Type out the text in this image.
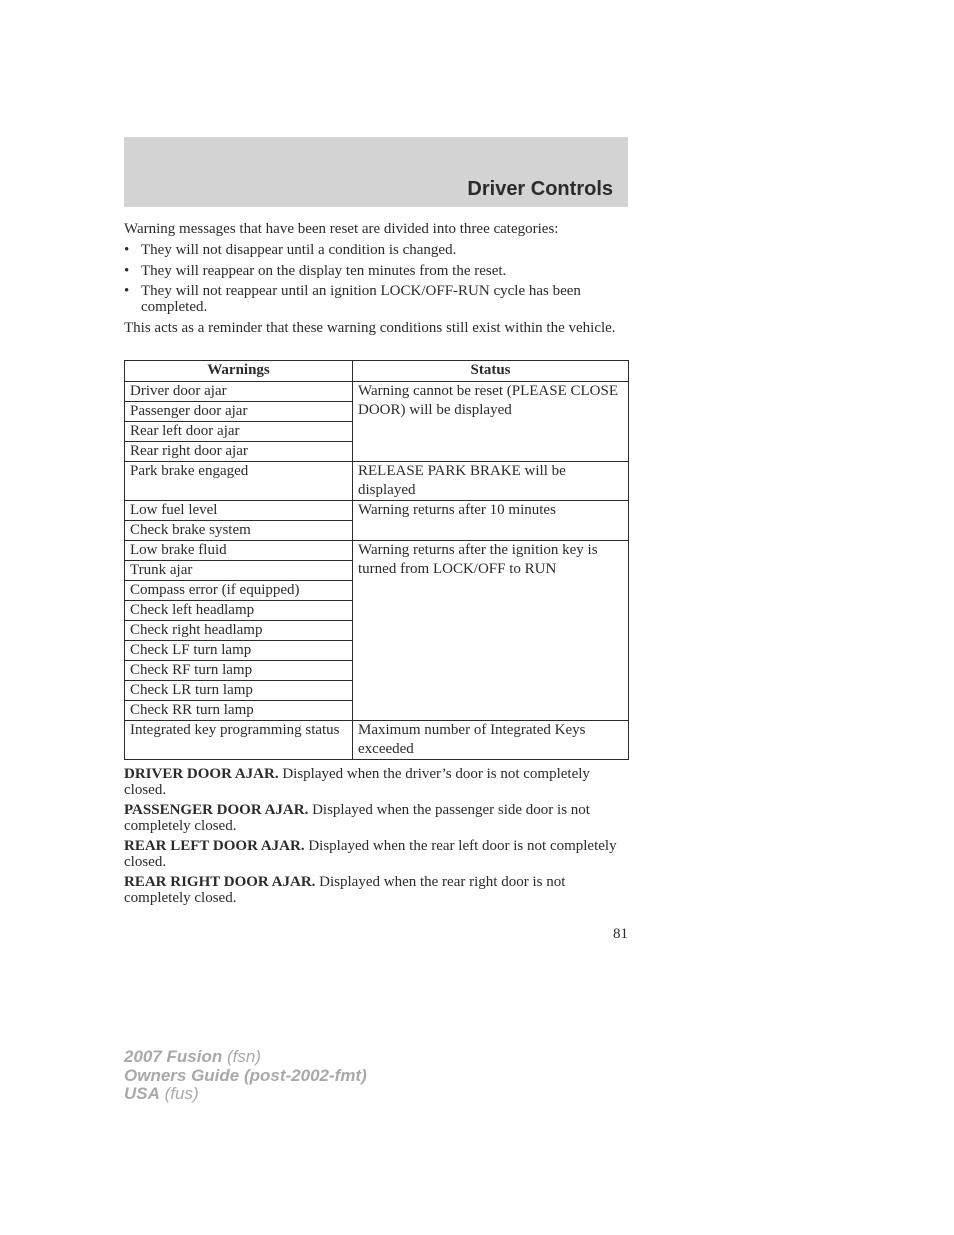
Driver Controls
Warning messages that have been reset are divided into three categories:
• They will not disappear until a condition is changed.
• They will reappear on the display ten minutes from the reset.
• They will not reappear until an ignition LOCK/OFF-RUN cycle has been completed.
This acts as a reminder that these warning conditions still exist within the vehicle.
Warnings	Status
Driver door ajar	Warning cannot be reset (PLEASE CLOSE DOOR) will be displayed
Passenger door ajar	
Rear left door ajar	
Rear right door ajar	
Park brake engaged	RELEASE PARK BRAKE will be displayed
Low fuel level	Warning returns after 10 minutes
Check brake system	
Low brake fluid	Warning returns after the ignition key is turned from LOCK/OFF to RUN
Trunk ajar	
Compass error (if equipped)	
Check left headlamp	
Check right headlamp	
Check LF turn lamp	
Check RF turn lamp	
Check LR turn lamp	
Check RR turn lamp	
Integrated key programming status	Maximum number of Integrated Keys exceeded

DRIVER DOOR AJAR. Displayed when the driver’s door is not completely closed.

PASSENGER DOOR AJAR. Displayed when the passenger side door is not completely closed.

REAR LEFT DOOR AJAR. Displayed when the rear left door is not completely closed.

REAR RIGHT DOOR AJAR. Displayed when the rear right door is not completely closed.

81
2007 Fusion (fsn)
Owners Guide (post-2002-fmt)
USA (fus)
